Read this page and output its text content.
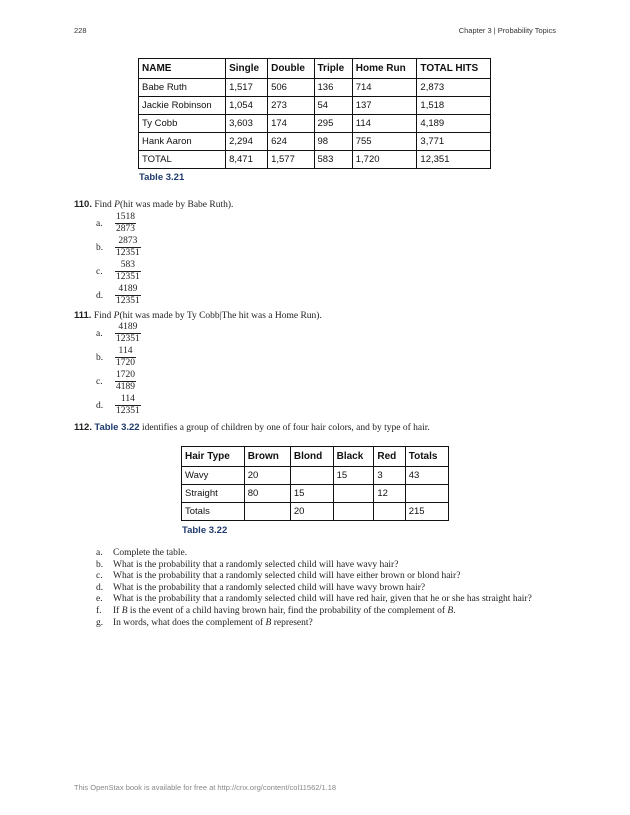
228	Chapter 3 | Probability Topics
NAME	Single	Double	Triple	Home Run	TOTAL HITS
Babe Ruth	1,517	506	136	714	2,873
Jackie Robinson	1,054	273	54	137	1,518
Ty Cobb	3,603	174	295	114	4,189
Hank Aaron	2,294	624	98	755	3,771
TOTAL	8,471	1,577	583	1,720	12,351
Table 3.21
110. Find P(hit was made by Babe Ruth).
a. $\frac{1518}{2873}$
b. $\frac{2873}{12351}$
c. $\frac{583}{12351}$
d. $\frac{4189}{12351}$
111. Find P(hit was made by Ty Cobb|The hit was a Home Run).
a. $\frac{4189}{12351}$
b. $\frac{114}{1720}$
c. $\frac{1720}{4189}$
d. $\frac{114}{12351}$
112. Table 3.22 identifies a group of children by one of four hair colors, and by type of hair.
Hair Type	Brown	Blond	Black	Red	Totals
Wavy	20		15	3	43
Straight	80	15		12	
Totals		20			215
Table 3.22
a. Complete the table.
b. What is the probability that a randomly selected child will have wavy hair?
c. What is the probability that a randomly selected child will have either brown or blond hair?
d. What is the probability that a randomly selected child will have wavy brown hair?
e. What is the probability that a randomly selected child will have red hair, given that he or she has straight hair?
f. If B is the event of a child having brown hair, find the probability of the complement of B.
g. In words, what does the complement of B represent?
This OpenStax book is available for free at http://cnx.org/content/col11562/1.18
